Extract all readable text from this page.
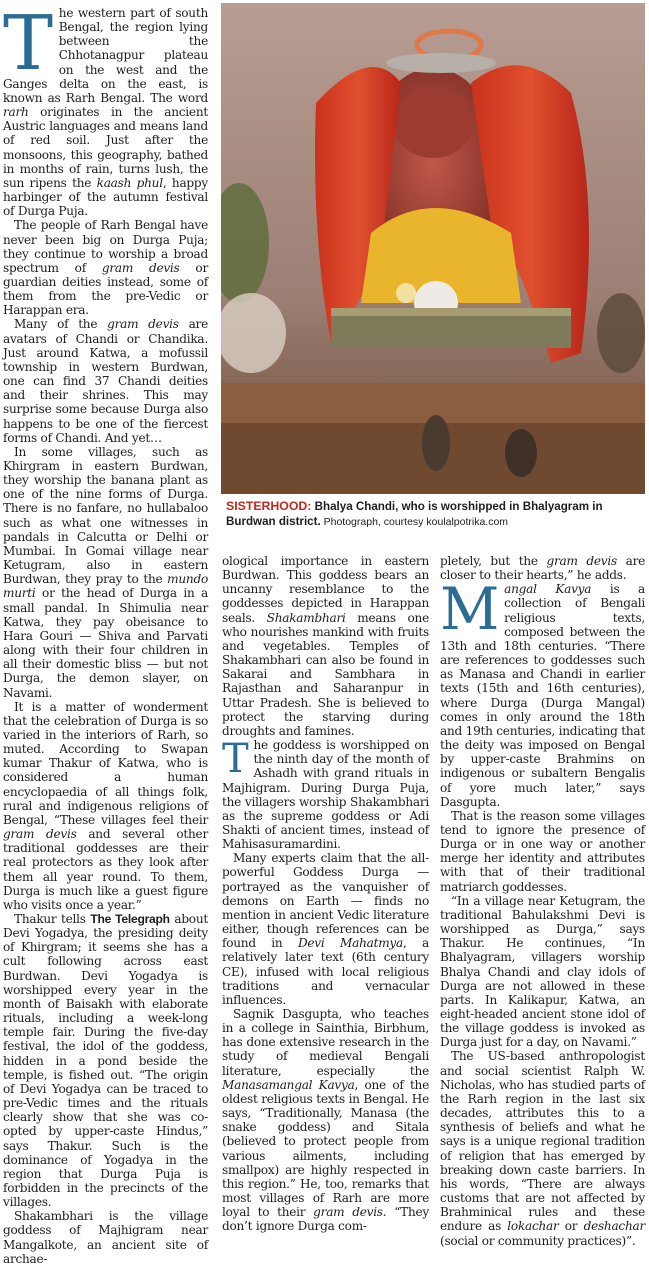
The western part of south Bengal, the region lying between the Chhotanagpur plateau on the west and the Ganges delta on the east, is known as Rarh Bengal. The word rarh originates in the ancient Austric languages and means land of red soil. Just after the monsoons, this geography, bathed in months of rain, turns lush, the sun ripens the kaash phul, happy harbinger of the autumn festival of Durga Puja.

The people of Rarh Bengal have never been big on Durga Puja; they continue to worship a broad spectrum of gram devis or guardian deities instead, some of them from the pre-Vedic or Harappan era.

Many of the gram devis are avatars of Chandi or Chandika. Just around Katwa, a mofussil township in western Burdwan, one can find 37 Chandi deities and their shrines. This may surprise some because Durga also happens to be one of the fiercest forms of Chandi. And yet…

In some villages, such as Khirgram in eastern Burdwan, they worship the banana plant as one of the nine forms of Durga. There is no fanfare, no hullabaloo such as what one witnesses in pandals in Calcutta or Delhi or Mumbai. In Gomai village near Ketugram, also in eastern Burdwan, they pray to the mundo murti or the head of Durga in a small pandal. In Shimulia near Katwa, they pay obeisance to Hara Gouri — Shiva and Parvati along with their four children in all their domestic bliss — but not Durga, the demon slayer, on Navami.

It is a matter of wonderment that the celebration of Durga is so varied in the interiors of Rarh, so muted. According to Swapan kumar Thakur of Katwa, who is considered a human encyclopaedia of all things folk, rural and indigenous religions of Bengal, “These villages feel their gram devis and several other traditional goddesses are their real protectors as they look after them all year round. To them, Durga is much like a guest figure who visits once a year.”

Thakur tells The Telegraph about Devi Yogadya, the presiding deity of Khirgram; it seems she has a cult following across east Burdwan. Devi Yogadya is worshipped every year in the month of Baisakh with elaborate rituals, including a week-long temple fair. During the five-day festival, the idol of the goddess, hidden in a pond beside the temple, is fished out. “The origin of Devi Yogadya can be traced to pre-Vedic times and the rituals clearly show that she was co-opted by upper-caste Hindus,” says Thakur. Such is the dominance of Yogadya in the region that Durga Puja is forbidden in the precincts of the villages.

Shakambhari is the village goddess of Majhigram near Mangalkote, an ancient site of archae-

SISTERHOOD: Bhalya Chandi, who is worshipped in Bhalyagram in Burdwan district. Photograph, courtesy koulalpotrika.com

ological importance in eastern Burdwan. This goddess bears an uncanny resemblance to the goddesses depicted in Harappan seals. Shakambhari means one who nourishes mankind with fruits and vegetables. Temples of Shakambhari can also be found in Sakarai and Sambhara in Rajasthan and Saharanpur in Uttar Pradesh. She is believed to protect the starving during droughts and famines.

The goddess is worshipped on the ninth day of the month of Ashadh with grand rituals in Majhigram. During Durga Puja, the villagers worship Shakambhari as the supreme goddess or Adi Shakti of ancient times, instead of Mahisasuramardini.

Many experts claim that the all-powerful Goddess Durga — portrayed as the vanquisher of demons on Earth — finds no mention in ancient Vedic literature either, though references can be found in Devi Mahatmya, a relatively later text (6th century CE), infused with local religious traditions and vernacular influences.

Sagnik Dasgupta, who teaches in a college in Sainthia, Birbhum, has done extensive research in the study of medieval Bengali literature, especially the Manasamangal Kavya, one of the oldest religious texts in Bengal. He says, “Traditionally, Manasa (the snake goddess) and Sitala (believed to protect people from various ailments, including smallpox) are highly respected in this region.” He, too, remarks that most villages of Rarh are more loyal to their gram devis. “They don’t ignore Durga com-

pletely, but the gram devis are closer to their hearts,” he adds.

Mangal Kavya is a collection of Bengali religious texts, composed between the 13th and 18th centuries. “There are references to goddesses such as Manasa and Chandi in earlier texts (15th and 16th centuries), where Durga (Durga Mangal) comes in only around the 18th and 19th centuries, indicating that the deity was imposed on Bengal by upper-caste Brahmins on indigenous or subaltern Bengalis of yore much later,” says Dasgupta.

That is the reason some villages tend to ignore the presence of Durga or in one way or another merge her identity and attributes with that of their traditional matriarch goddesses.

“In a village near Ketugram, the traditional Bahulakshmi Devi is worshipped as Durga,” says Thakur. He continues, “In Bhalyagram, villagers worship Bhalya Chandi and clay idols of Durga are not allowed in these parts. In Kalikapur, Katwa, an eight-headed ancient stone idol of the village goddess is invoked as Durga just for a day, on Navami.”

The US-based anthropologist and social scientist Ralph W. Nicholas, who has studied parts of the Rarh region in the last six decades, attributes this to a synthesis of beliefs and what he says is a unique regional tradition of religion that has emerged by breaking down caste barriers. In his words, “There are always customs that are not affected by Brahminical rules and these endure as lokachar or deshachar (social or community practices)”.
